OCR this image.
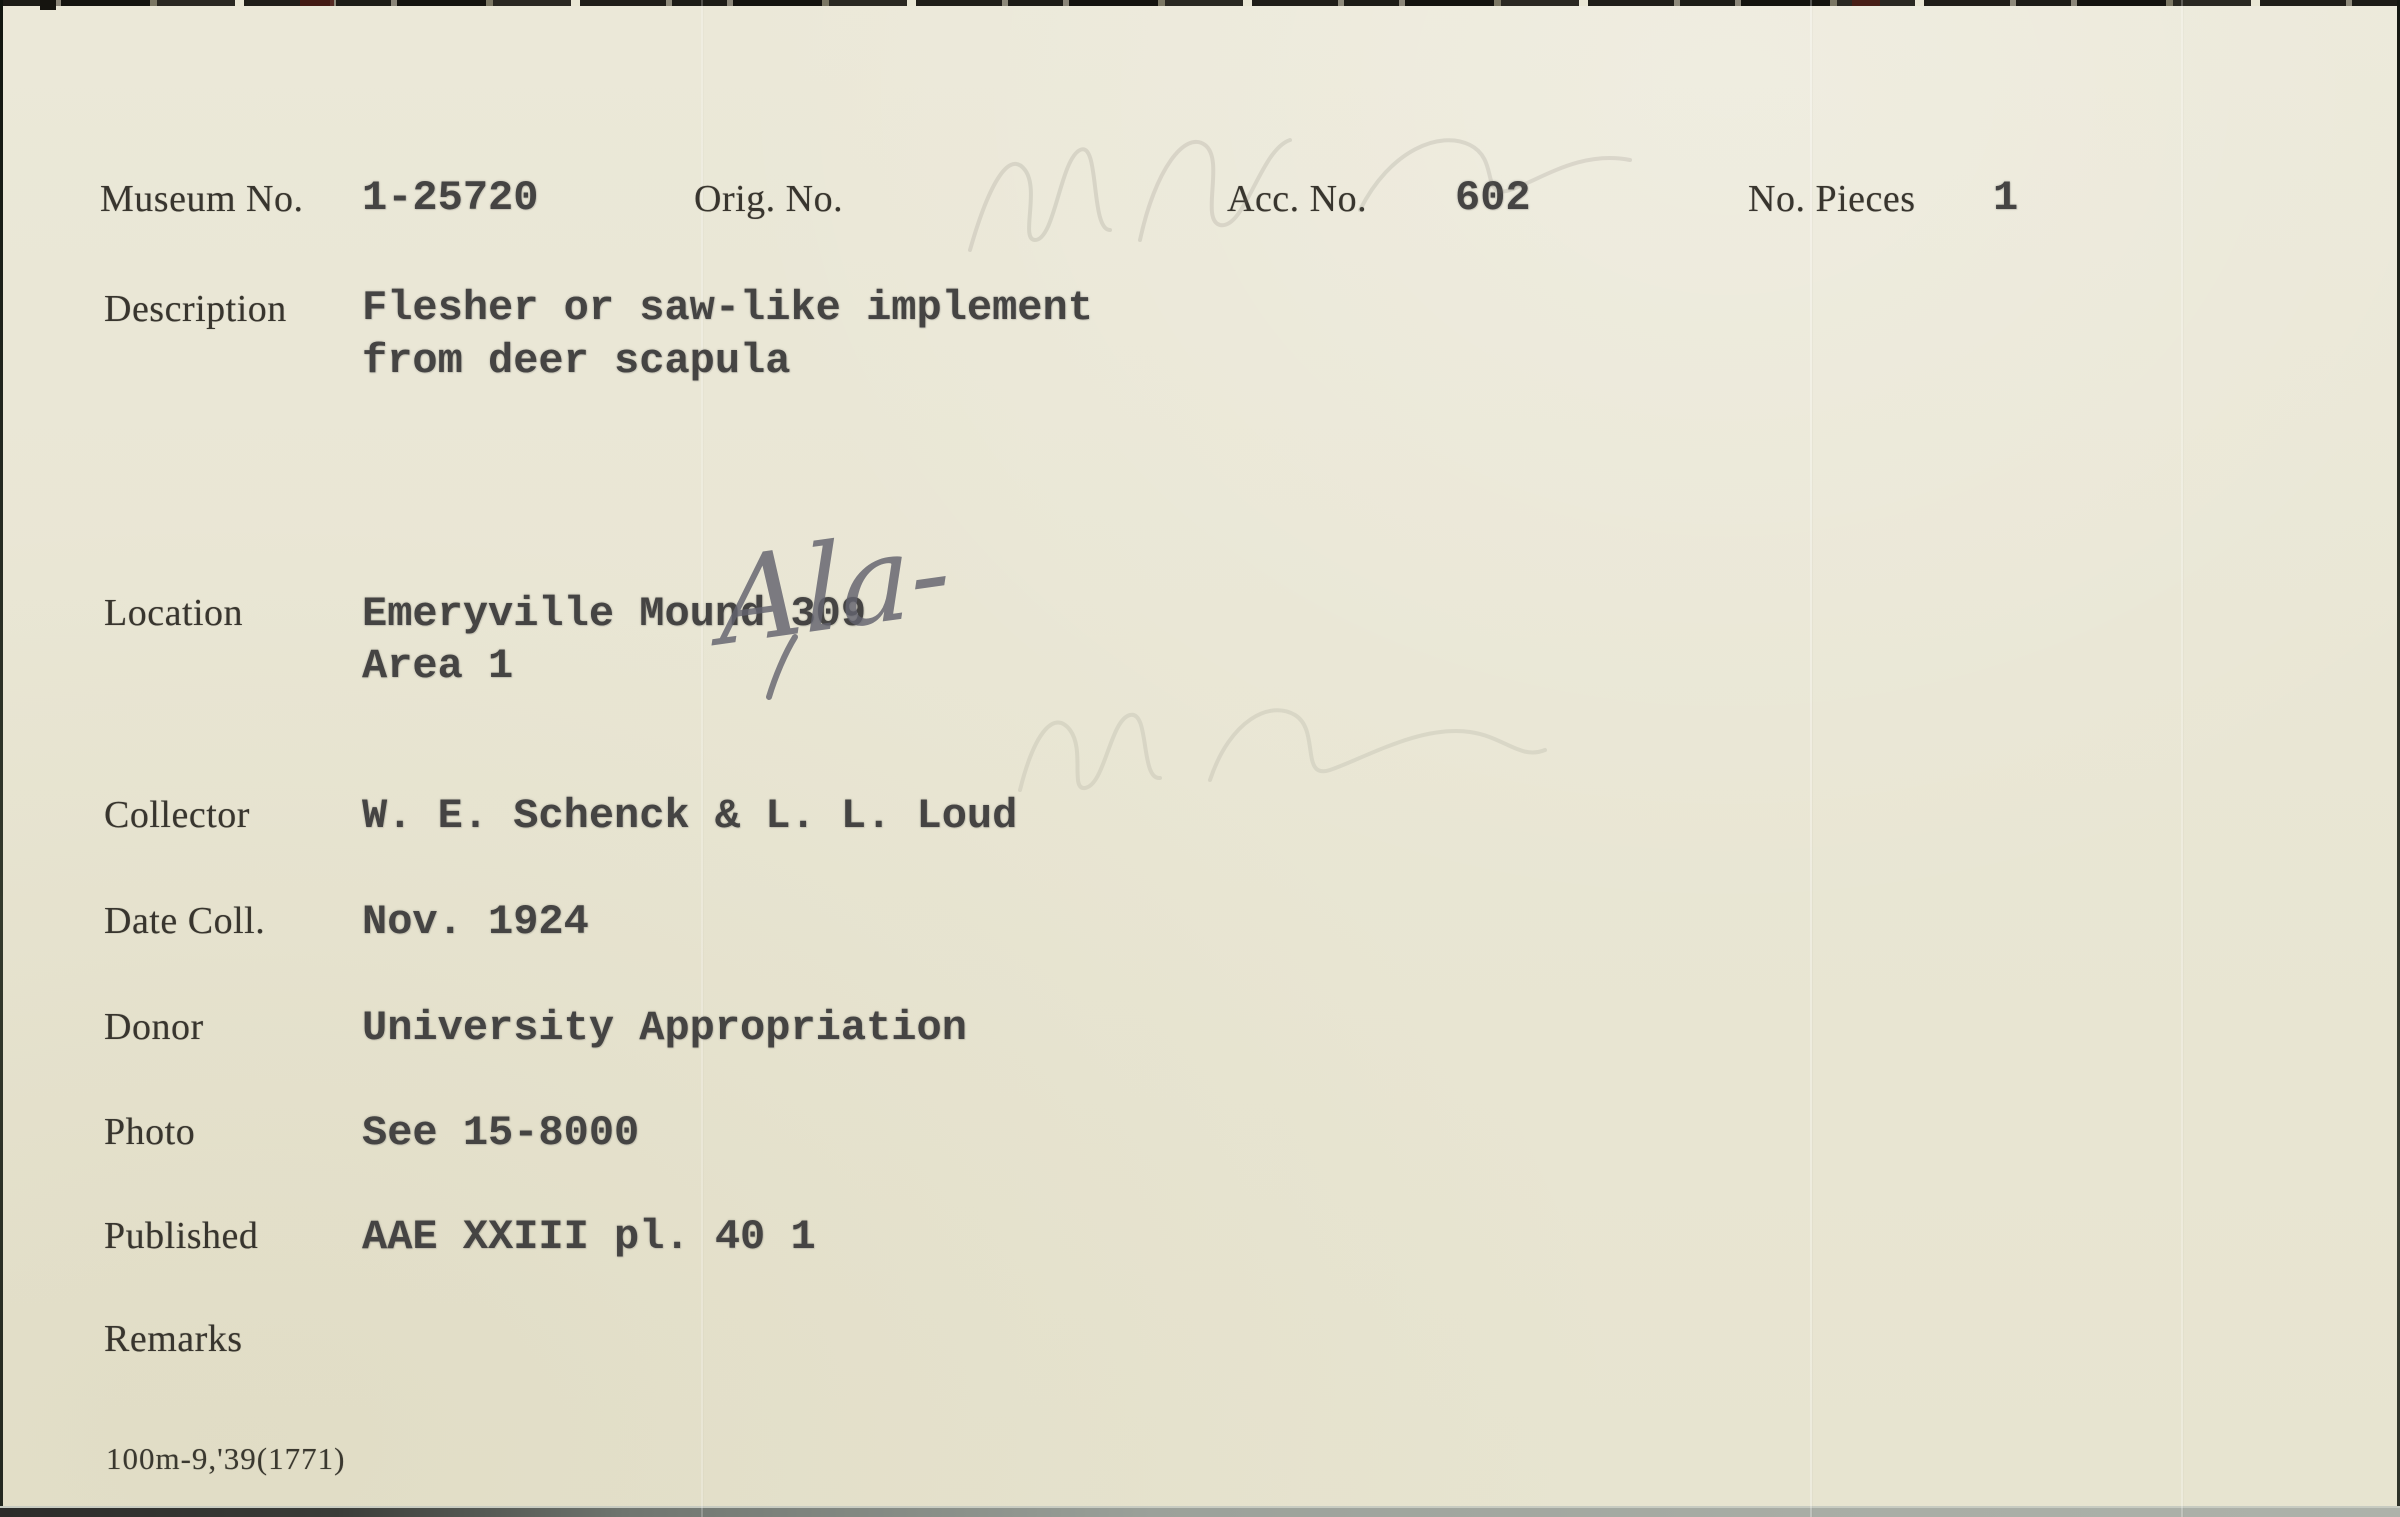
Museum No. 1-25720	Orig. No.	Acc. No. 602	No. Pieces 1
Description Flesher or saw-like implement
from deer scapula
Location	Emeryville Mound 309
Area 1
Collector	W. E. Schenck & L. L. Loud
Date Coll. Nov. 1924
Donor	University Appropriation
Photo	See 15-8000
Published AAE XXIII pl. 40 1
Remarks
100m-9,'39(1771)
Ala-
